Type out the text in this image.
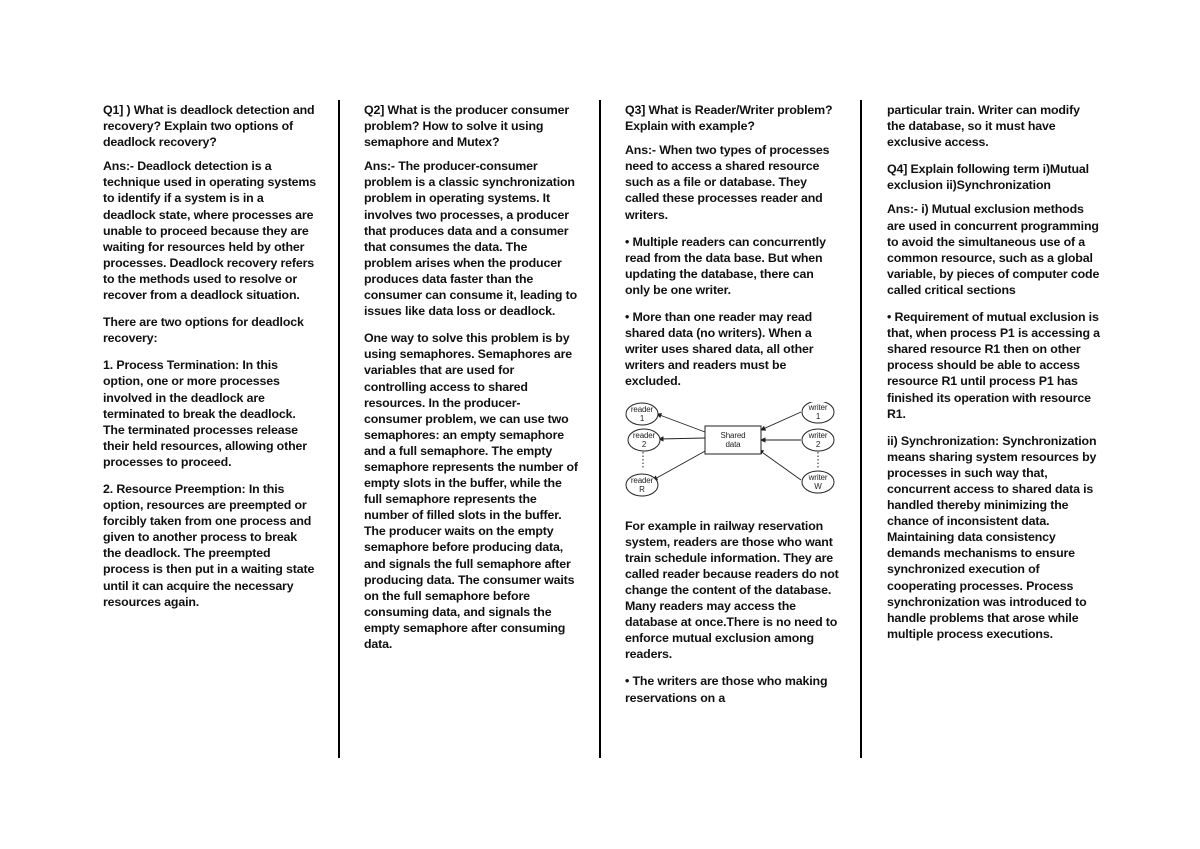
Q1] ) What is deadlock detection and recovery? Explain two options of deadlock recovery?

Ans:- Deadlock detection is a technique used in operating systems to identify if a system is in a deadlock state, where processes are unable to proceed because they are waiting for resources held by other processes. Deadlock recovery refers to the methods used to resolve or recover from a deadlock situation.

There are two options for deadlock recovery:

1. Process Termination: In this option, one or more processes involved in the deadlock are terminated to break the deadlock. The terminated processes release their held resources, allowing other processes to proceed.

2. Resource Preemption: In this option, resources are preempted or forcibly taken from one process and given to another process to break the deadlock. The preempted process is then put in a waiting state until it can acquire the necessary resources again.

Q2] What is the producer consumer problem? How to solve it using semaphore and Mutex?

Ans:- The producer-consumer problem is a classic synchronization problem in operating systems. It involves two processes, a producer that produces data and a consumer that consumes the data. The problem arises when the producer produces data faster than the consumer can consume it, leading to issues like data loss or deadlock.

One way to solve this problem is by using semaphores. Semaphores are variables that are used for controlling access to shared resources. In the producer-consumer problem, we can use two semaphores: an empty semaphore and a full semaphore. The empty semaphore represents the number of empty slots in the buffer, while the full semaphore represents the number of filled slots in the buffer. The producer waits on the empty semaphore before producing data, and signals the full semaphore after producing data. The consumer waits on the full semaphore before consuming data, and signals the empty semaphore after consuming data.

Q3] What is Reader/Writer problem?Explain with example?

Ans:- When two types of processes need to access a shared resource such as a file or database. They called these processes reader and writers.

• Multiple readers can concurrently read from the data base. But when updating the database, there can only be one writer.

• More than one reader may read shared data (no writers). When a writer uses shared data, all other writers and readers must be excluded.

Shared
data
reader
1
reader
2
reader
R
writer
1
writer
2
writer
W

For example in railway reservation system, readers are those who want train schedule information. They are called reader because readers do not change the content of the database. Many readers may access the database at once.There is no need to enforce mutual exclusion among readers.

• The writers are those who making reservations on a

particular train. Writer can modify the database, so it must have exclusive access.

Q4] Explain following term i)Mutual exclusion ii)Synchronization

Ans:- i) Mutual exclusion methods are used in concurrent programming to avoid the simultaneous use of a common resource, such as a global variable, by pieces of computer code called critical sections

• Requirement of mutual exclusion is that, when process P1 is accessing a shared resource R1 then on other process should be able to access resource R1 until process P1 has finished its operation with resource R1.

ii) Synchronization: Synchronization means sharing system resources by processes in such way that, concurrent access to shared data is handled thereby minimizing the chance of inconsistent data. Maintaining data consistency demands mechanisms to ensure synchronized execution of cooperating processes. Process synchronization was introduced to handle problems that arose while multiple process executions.
